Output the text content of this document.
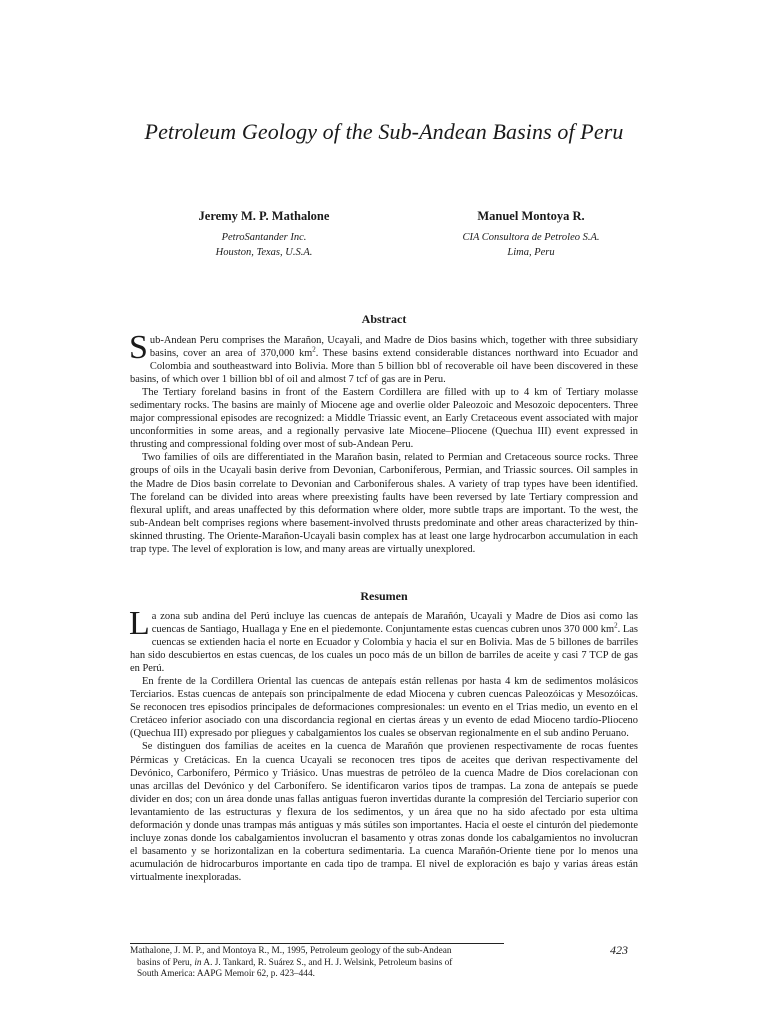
Petroleum Geology of the Sub-Andean Basins of Peru
Jeremy M. P. Mathalone
PetroSantander Inc.
Houston, Texas, U.S.A.
Manuel Montoya R.
CIA Consultora de Petroleo S.A.
Lima, Peru
Abstract

Sub-Andean Peru comprises the Marañon, Ucayali, and Madre de Dios basins which, together with three subsidiary basins, cover an area of 370,000 $km^2$. These basins extend considerable distances northward into Ecuador and Colombia and southeastward into Bolivia. More than 5 billion bbl of recoverable oil have been discovered in these basins, of which over 1 billion bbl of oil and almost 7 tcf of gas are in Peru.

The Tertiary foreland basins in front of the Eastern Cordillera are filled with up to 4 km of Tertiary molasse sedimentary rocks. The basins are mainly of Miocene age and overlie older Paleozoic and Mesozoic depocenters. Three major compressional episodes are recognized: a Middle Triassic event, an Early Cretaceous event associated with major unconformities in some areas, and a regionally pervasive late Miocene–Pliocene (Quechua III) event expressed in thrusting and compressional folding over most of sub-Andean Peru.

Two families of oils are differentiated in the Marañon basin, related to Permian and Cretaceous source rocks. Three groups of oils in the Ucayali basin derive from Devonian, Carboniferous, Permian, and Triassic sources. Oil samples in the Madre de Dios basin correlate to Devonian and Carboniferous shales. A variety of trap types have been identified. The foreland can be divided into areas where preexisting faults have been reversed by late Tertiary compression and flexural uplift, and areas unaffected by this deformation where older, more subtle traps are important. To the west, the sub-Andean belt comprises regions where basement-involved thrusts predominate and other areas characterized by thin-skinned thrusting. The Oriente-Marañon-Ucayali basin complex has at least one large hydrocarbon accumulation in each trap type. The level of exploration is low, and many areas are virtually unexplored.

Resumen

La zona sub andina del Perú incluye las cuencas de antepaís de Marañón, Ucayali y Madre de Dios asi como las cuencas de Santiago, Huallaga y Ene en el piedemonte. Conjuntamente estas cuencas cubren unos 370 000 $km^2$. Las cuencas se extienden hacia el norte en Ecuador y Colombia y hacia el sur en Bolivia. Mas de 5 billones de barriles han sido descubiertos en estas cuencas, de los cuales un poco más de un billon de barriles de aceite y casi 7 TCP de gas en Perú.

En frente de la Cordillera Oriental las cuencas de antepaís están rellenas por hasta 4 km de sedimentos molásicos Terciarios. Estas cuencas de antepaís son principalmente de edad Miocena y cubren cuencas Paleozóicas y Mesozóicas. Se reconocen tres episodios principales de deformaciones compresionales: un evento en el Trias medio, un evento en el Cretáceo inferior asociado con una discordancia regional en ciertas áreas y un evento de edad Mioceno tardío-Plioceno (Quechua III) expresado por pliegues y cabalgamientos los cuales se observan regionalmente en el sub andino Peruano.

Se distinguen dos familias de aceites en la cuenca de Marañón que provienen respectivamente de rocas fuentes Pérmicas y Cretácicas. En la cuenca Ucayali se reconocen tres tipos de aceites que derivan respectivamente del Devónico, Carbonífero, Pérmico y Triásico. Unas muestras de petróleo de la cuenca Madre de Dios corelacionan con unas arcillas del Devónico y del Carbonífero. Se identificaron varios tipos de trampas. La zona de antepaís se puede divider en dos; con un área donde unas fallas antiguas fueron invertidas durante la compresión del Terciario superior con levantamiento de las estructuras y flexura de los sedimentos, y un área que no ha sido afectado por esta ultima deformación y donde unas trampas más antiguas y más sútiles son importantes. Hacia el oeste el cinturón del piedemonte incluye zonas donde los cabalgamientos involucran el basamento y otras zonas donde los cabalgamientos no involucran el basamento y se horizontalizan en la cobertura sedimentaria. La cuenca Marañón-Oriente tiene por lo menos una acumulación de hidrocarburos importante en cada tipo de trampa. El nivel de exploración es bajo y varias áreas están virtualmente inexploradas.

Mathalone, J. M. P., and Montoya R., M., 1995, Petroleum geology of the sub-Andean
basins of Peru, in A. J. Tankard, R. Suárez S., and H. J. Welsink, Petroleum basins of
South America: AAPG Memoir 62, p. 423–444.
423
